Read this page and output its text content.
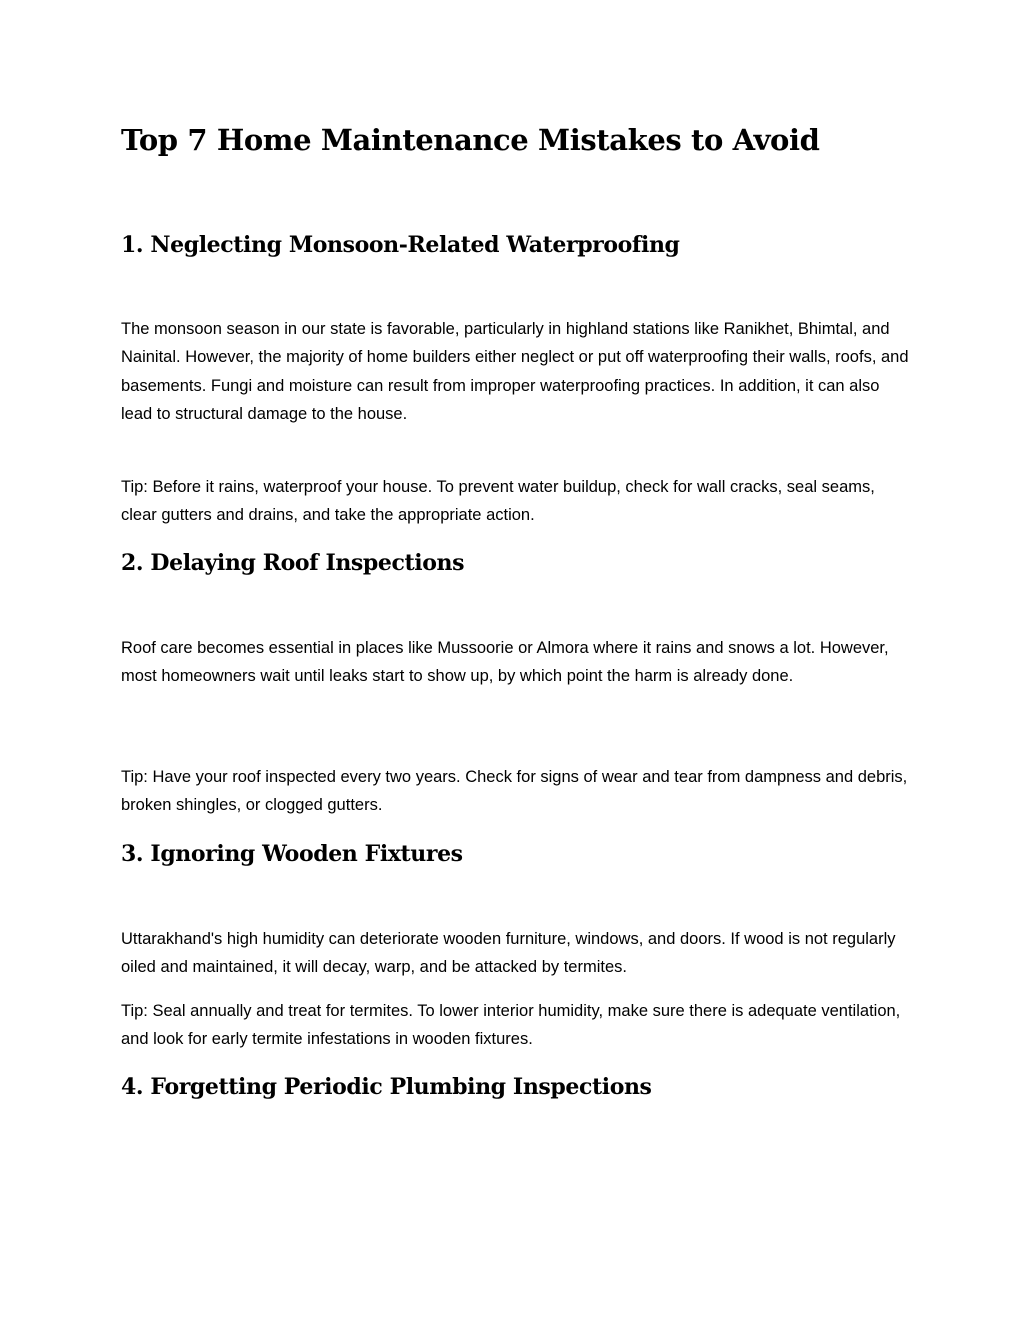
Top 7 Home Maintenance Mistakes to Avoid
1. Neglecting Monsoon-Related Waterproofing

The monsoon season in our state is favorable, particularly in highland stations like Ranikhet, Bhimtal, and Nainital. However, the majority of home builders either neglect or put off waterproofing their walls, roofs, and basements. Fungi and moisture can result from improper waterproofing practices. In addition, it can also lead to structural damage to the house.

Tip: Before it rains, waterproof your house. To prevent water buildup, check for wall cracks, seal seams, clear gutters and drains, and take the appropriate action.

2. Delaying Roof Inspections

Roof care becomes essential in places like Mussoorie or Almora where it rains and snows a lot. However, most homeowners wait until leaks start to show up, by which point the harm is already done.

Tip: Have your roof inspected every two years. Check for signs of wear and tear from dampness and debris, broken shingles, or clogged gutters.

3. Ignoring Wooden Fixtures

Uttarakhand's high humidity can deteriorate wooden furniture, windows, and doors. If wood is not regularly oiled and maintained, it will decay, warp, and be attacked by termites.

Tip: Seal annually and treat for termites. To lower interior humidity, make sure there is adequate ventilation, and look for early termite infestations in wooden fixtures.

4. Forgetting Periodic Plumbing Inspections
